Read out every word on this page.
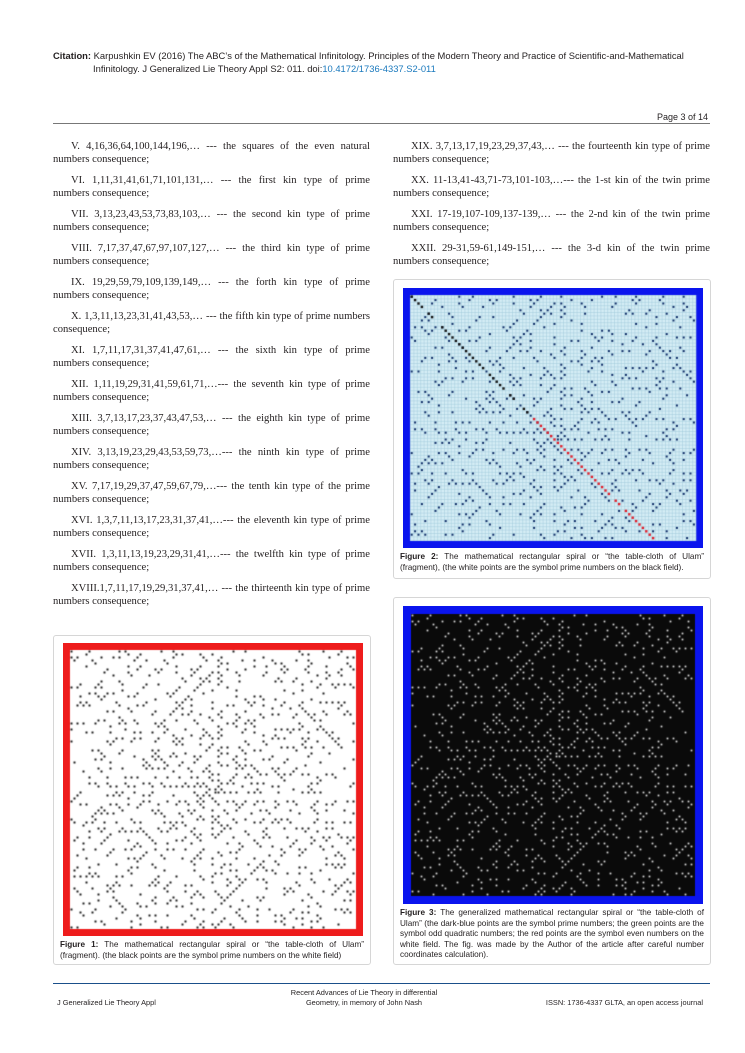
Citation: Karpushkin EV (2016) The ABC’s of the Mathematical Infinitology. Principles of the Modern Theory and Practice of Scientific-and-Mathematical
Infinitology. J Generalized Lie Theory Appl S2: 011. doi:10.4172/1736-4337.S2-011
Page 3 of 14

V. 4,16,36,64,100,144,196,… --- the squares of the even natural numbers consequence;

VI. 1,11,31,41,61,71,101,131,… --- the first kin type of prime numbers consequence;

VII. 3,13,23,43,53,73,83,103,… --- the second kin type of prime numbers consequence;

VIII. 7,17,37,47,67,97,107,127,… --- the third kin type of prime numbers consequence;

IX. 19,29,59,79,109,139,149,… --- the forth kin type of prime numbers consequence;

X. 1,3,11,13,23,31,41,43,53,… --- the fifth kin type of prime numbers consequence;

XI. 1,7,11,17,31,37,41,47,61,… --- the sixth kin type of prime numbers consequence;

XII. 1,11,19,29,31,41,59,61,71,…--- the seventh kin type of prime numbers consequence;

XIII. 3,7,13,17,23,37,43,47,53,… --- the eighth kin type of prime numbers consequence;

XIV. 3,13,19,23,29,43,53,59,73,…--- the ninth kin type of prime numbers consequence;

XV. 7,17,19,29,37,47,59,67,79,…--- the tenth kin type of the prime numbers consequence;

XVI. 1,3,7,11,13,17,23,31,37,41,…--- the eleventh kin type of prime numbers consequence;

XVII. 1,3,11,13,19,23,29,31,41,…--- the twelfth kin type of prime numbers consequence;

XVIII.1,7,11,17,19,29,31,37,41,… --- the thirteenth kin type of prime numbers consequence;

XIX. 3,7,13,17,19,23,29,37,43,… --- the fourteenth kin type of prime numbers consequence;

XX. 11-13,41-43,71-73,101-103,…--- the 1-st kin of the twin prime numbers consequence;

XXI. 17-19,107-109,137-139,… --- the 2-nd kin of the twin prime numbers consequence;

XXII. 29-31,59-61,149-151,… --- the 3-d kin of the twin prime numbers consequence;

Figure 1: The mathematical rectangular spiral or “the table-cloth of Ulam” (fragment). (the black points are the symbol prime numbers on the white field)
Figure 2: The mathematical rectangular spiral or “the table-cloth of Ulam” (fragment), (the white points are the symbol prime numbers on the black field).
Figure 3: The generalized mathematical rectangular spiral or “the table-cloth of Ulam” (the dark-blue points are the symbol prime numbers; the green points are the symbol odd quadratic numbers; the red points are the symbol even numbers on the white field. The fig. was made by the Author of the article after careful number coordinates calculation).
J Generalized Lie Theory Appl
Recent Advances of Lie Theory in differential Geometry, in memory of John Nash	ISSN: 1736-4337 GLTA, an open access journal
